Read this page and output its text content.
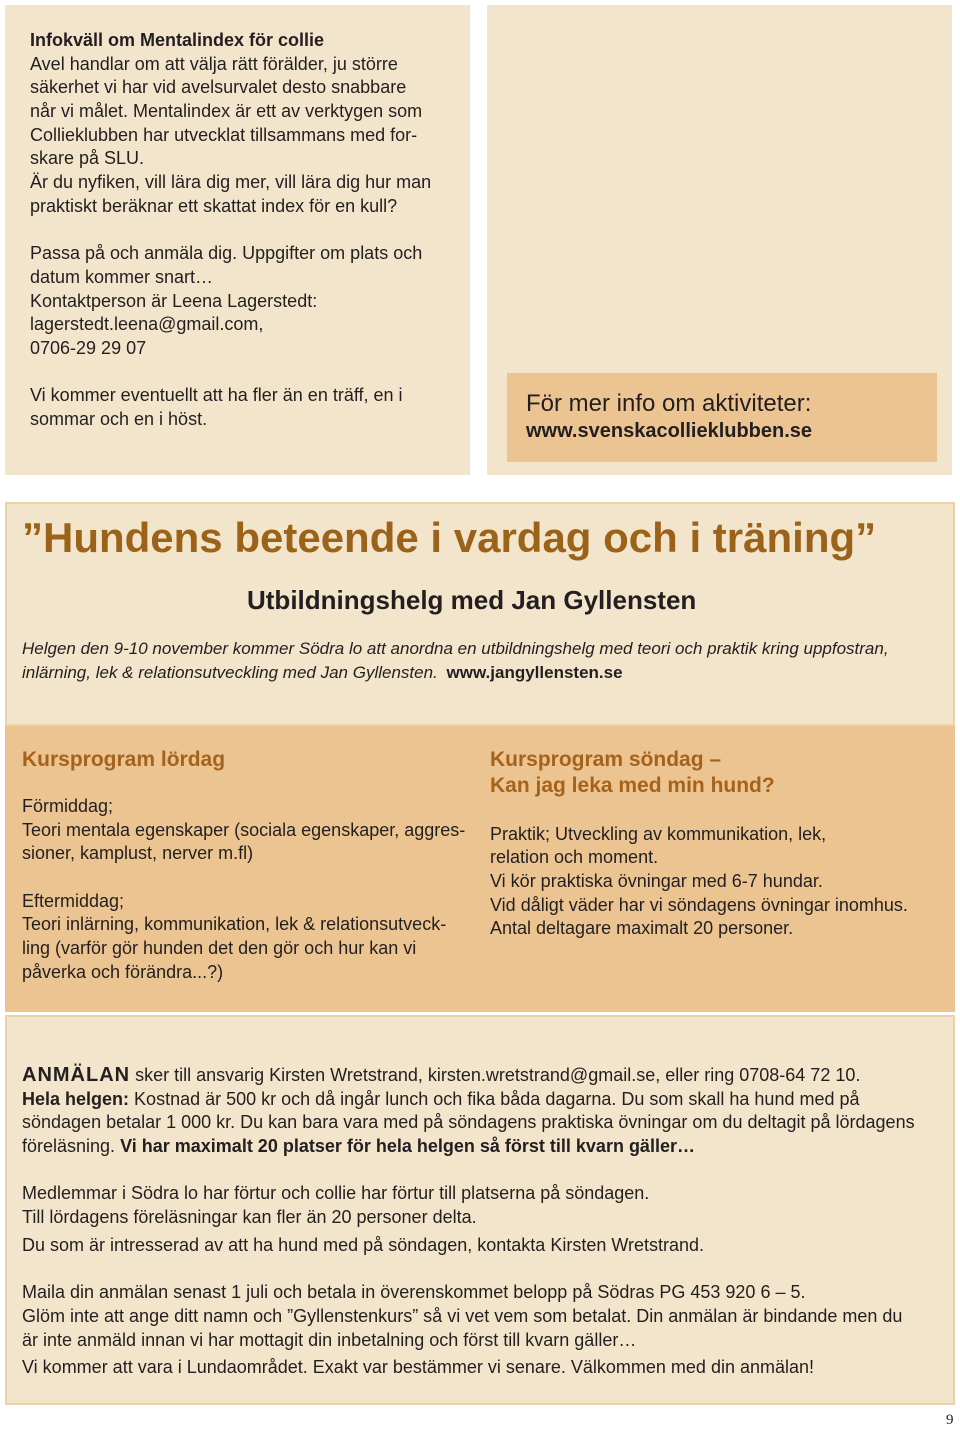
Infokväll om Mentalindex för collie
Avel handlar om att välja rätt förälder, ju större
säkerhet vi har vid avelsurvalet desto snabbare
når vi målet. Mentalindex är ett av verktygen som
Collieklubben har utvecklat tillsammans med for-
skare på SLU.
Är du nyfiken, vill lära dig mer, vill lära dig hur man
praktiskt beräknar ett skattat index för en kull?
Passa på och anmäla dig. Uppgifter om plats och
datum kommer snart…
Kontaktperson är Leena Lagerstedt:
lagerstedt.leena@gmail.com,
0706-29 29 07
Vi kommer eventuellt att ha fler än en träff, en i
sommar och en i höst.
För mer info om aktiviteter:
www.svenskacollieklubben.se
”Hundens beteende i vardag och i träning”
Utbildningshelg med Jan Gyllensten
Helgen den 9-10 november kommer Södra lo att anordna en utbildningshelg med teori och praktik kring uppfostran,
inlärning, lek & relationsutveckling med Jan Gyllensten. www.jangyllensten.se
Kursprogram lördag
Förmiddag;
Teori mentala egenskaper (sociala egenskaper, aggres-
sioner, kamplust, nerver m.fl)
Eftermiddag;
Teori inlärning, kommunikation, lek & relationsutveck-
ling (varför gör hunden det den gör och hur kan vi
påverka och förändra...?)
Kursprogram söndag –
Kan jag leka med min hund?
Praktik; Utveckling av kommunikation, lek,
relation och moment.
Vi kör praktiska övningar med 6-7 hundar.
Vid dåligt väder har vi söndagens övningar inomhus.
Antal deltagare maximalt 20 personer.
ANMÄLAN sker till ansvarig Kirsten Wretstrand, kirsten.wretstrand@gmail.se, eller ring 0708-64 72 10.
Hela helgen: Kostnad är 500 kr och då ingår lunch och fika båda dagarna. Du som skall ha hund med på
söndagen betalar 1 000 kr. Du kan bara vara med på söndagens praktiska övningar om du deltagit på lördagens
föreläsning. Vi har maximalt 20 platser för hela helgen så först till kvarn gäller…
Medlemmar i Södra lo har förtur och collie har förtur till platserna på söndagen.
Till lördagens föreläsningar kan fler än 20 personer delta.
Du som är intresserad av att ha hund med på söndagen, kontakta Kirsten Wretstrand.
Maila din anmälan senast 1 juli och betala in överenskommet belopp på Södras PG 453 920 6 – 5.
Glöm inte att ange ditt namn och ”Gyllenstenkurs” så vi vet vem som betalat. Din anmälan är bindande men du
är inte anmäld innan vi har mottagit din inbetalning och först till kvarn gäller…
Vi kommer att vara i Lundaområdet. Exakt var bestämmer vi senare. Välkommen med din anmälan!
9
